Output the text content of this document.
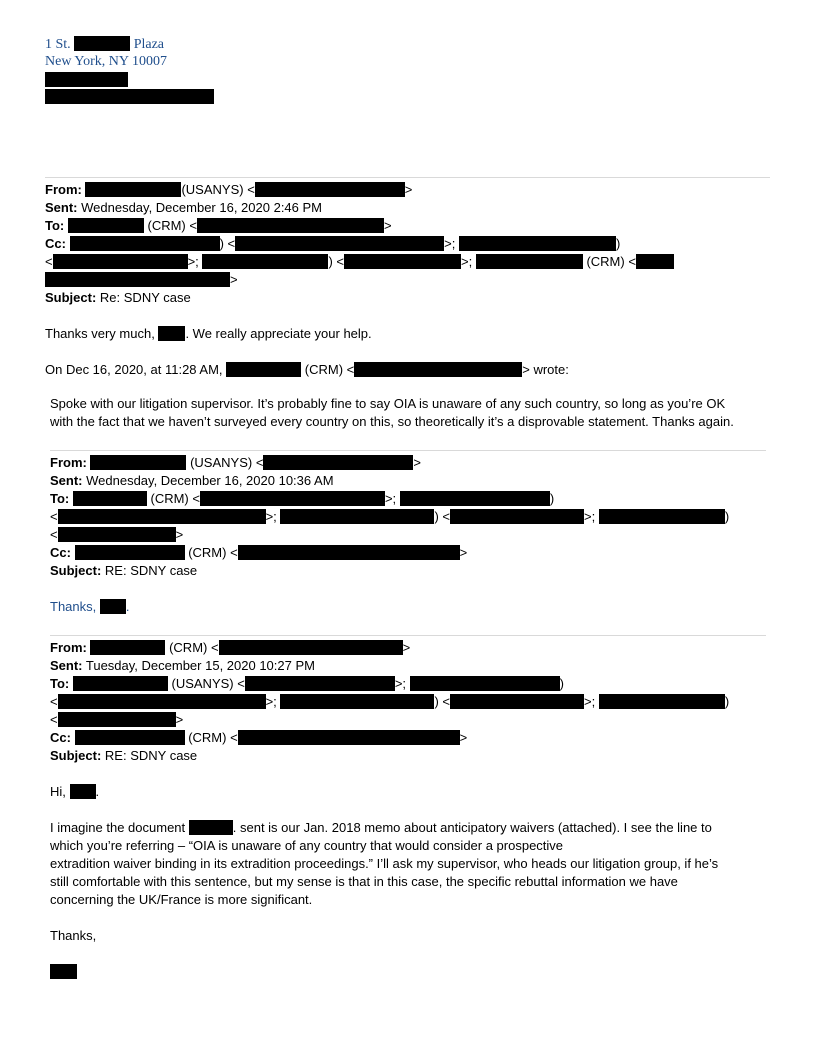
1 St.	Plaza
New York, NY 10007
From:	(USANYS) <	>
Sent: Wednesday, December 16, 2020 2:46 PM
To:	(CRM) <	>
Cc:	) <	>;	)
<	>;	) <	>;	(CRM) <
>
Subject: Re: SDNY case
Thanks very much, . We really appreciate your help.
On Dec 16, 2020, at 11:28 AM,	(CRM) <	> wrote:
Spoke with our litigation supervisor. It’s probably fine to say OIA is unaware of any such country, so long as you’re OK
with the fact that we haven’t surveyed every country on this, so theoretically it’s a disprovable statement. Thanks again.
From:	(USANYS) <	>
Sent: Wednesday, December 16, 2020 10:36 AM
To:	(CRM) <	>;	)
<	>;	) <	>;	)
<	>
Cc:	(CRM) <	>
Subject: RE: SDNY case
Thanks, .
From:	(CRM) <	>
Sent: Tuesday, December 15, 2020 10:27 PM
To:	(USANYS) <	>;	)
<	>;	) <	>;	)
<	>
Cc:	(CRM) <	>
Subject: RE: SDNY case
Hi, .
I imagine the document	. sent is our Jan. 2018 memo about anticipatory waivers (attached). I see the line to
which you’re referring – “OIA is unaware of any country that would consider a prospective
extradition waiver binding in its extradition proceedings.” I’ll ask my supervisor, who heads our litigation group, if he’s
still comfortable with this sentence, but my sense is that in this case, the specific rebuttal information we have
concerning the UK/France is more significant.
Thanks,
